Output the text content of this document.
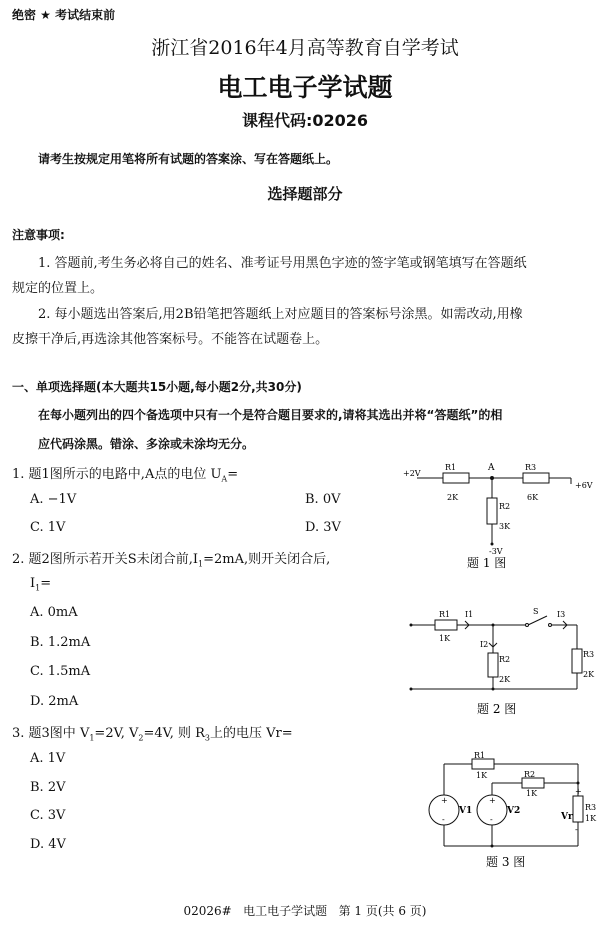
绝密 ★ 考试结束前
浙江省2016年4月高等教育自学考试
电工电子学试题
课程代码:02026
请考生按规定用笔将所有试题的答案涂、写在答题纸上。
选择题部分
注意事项:
1. 答题前,考生务必将自己的姓名、准考证号用黑色字迹的签字笔或钢笔填写在答题纸
规定的位置上。
2. 每小题选出答案后,用2B铅笔把答题纸上对应题目的答案标号涂黑。如需改动,用橡
皮擦干净后,再选涂其他答案标号。不能答在试题卷上。
一、单项选择题(本大题共15小题,每小题2分,共30分)
在每小题列出的四个备选项中只有一个是符合题目要求的,请将其选出并将“答题纸”的相
应代码涂黑。错涂、多涂或未涂均无分。
1. 题1图所示的电路中,A点的电位 $U_A=$
A. −1V	B. 0V
C. 1V	D. 3V
2. 题2图所示若开关S未闭合前$,I_1=2mA$,则开关闭合后,
$I_1=$
A. 0mA
B. 1.2mA
C. 1.5mA
D. 2mA
3. 题3图中 $V_1=2V$, $V_2=4V$, 则 $R_3$上的电压 Vr=
A. 1V
B. 2V
C. 3V
D. 4V
+2V
+6V
-3V
A
R1
2K
R3
6K
R2
3K
题 1 图
R1
1K
I1
I2
S I3
R2
2K
R3
2K
题 2 图
+
-
+
-
+
-
V1	V2
Vr
R1
1K	R2
1K
R3
1K
题 3 图
02026#   电工电子学试题   第 1 页(共 6 页)
